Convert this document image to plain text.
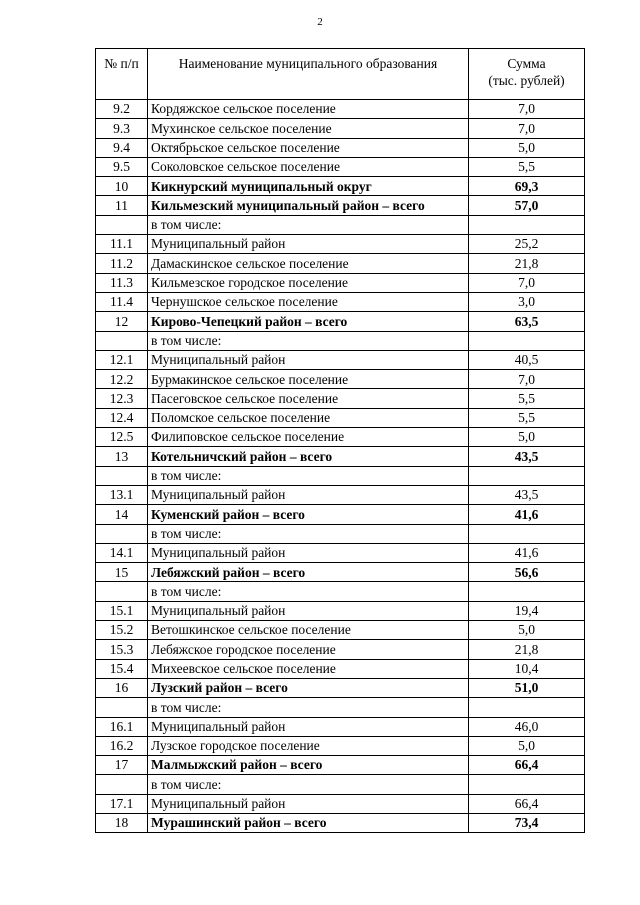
2
№ п/п	Наименование муниципального образования	Сумма
(тыс. рублей)

9.2	Кордяжское сельское поселение	7,0
9.3	Мухинское сельское поселение	7,0
9.4	Октябрьское сельское поселение	5,0
9.5	Соколовское сельское поселение	5,5
10	Кикнурский муниципальный округ	69,3
11	Кильмезский муниципальный район – всего	57,0
	в том числе:	
11.1	Муниципальный район	25,2
11.2	Дамаскинское сельское поселение	21,8
11.3	Кильмезское городское поселение	7,0
11.4	Чернушское сельское поселение	3,0
12	Кирово-Чепецкий район – всего	63,5
	в том числе:	
12.1	Муниципальный район	40,5
12.2	Бурмакинское сельское поселение	7,0
12.3	Пасеговское сельское поселение	5,5
12.4	Поломское сельское поселение	5,5
12.5	Филиповское сельское поселение	5,0
13	Котельничский район – всего	43,5
	в том числе:	
13.1	Муниципальный район	43,5
14	Куменский район – всего	41,6
	в том числе:	
14.1	Муниципальный район	41,6
15	Лебяжский район – всего	56,6
	в том числе:	
15.1	Муниципальный район	19,4
15.2	Ветошкинское сельское поселение	5,0
15.3	Лебяжское городское поселение	21,8
15.4	Михеевское сельское поселение	10,4
16	Лузский район – всего	51,0
	в том числе:	
16.1	Муниципальный район	46,0
16.2	Лузское городское поселение	5,0
17	Малмыжский район – всего	66,4
	в том числе:	
17.1	Муниципальный район	66,4
18	Мурашинский район – всего	73,4
